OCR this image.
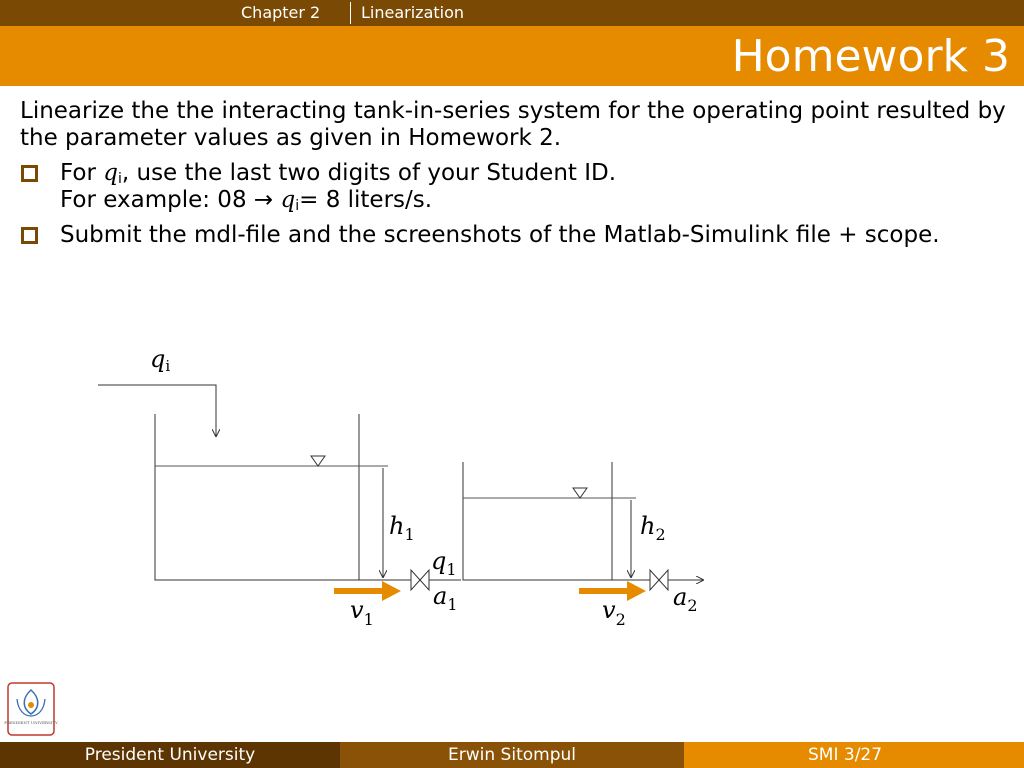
Chapter 2	Linearization
Homework 3
Linearize the the interacting tank-in-series system for the operating point resulted by the parameter values as given in Homework 2.
For $q_i$, use the last two digits of your Student ID.
For example: $08 \to q_i= 8$ liters/s.
Submit the mdl-file and the screenshots of the Matlab-Simulink file + scope.
qi
$h_1$	$h_2$
$q_1$
$a_1$	$a_2$
$v_1$	$v_2$
PRESIDENT UNIVERSITY
President University	Erwin Sitompul	SMI 3/27
